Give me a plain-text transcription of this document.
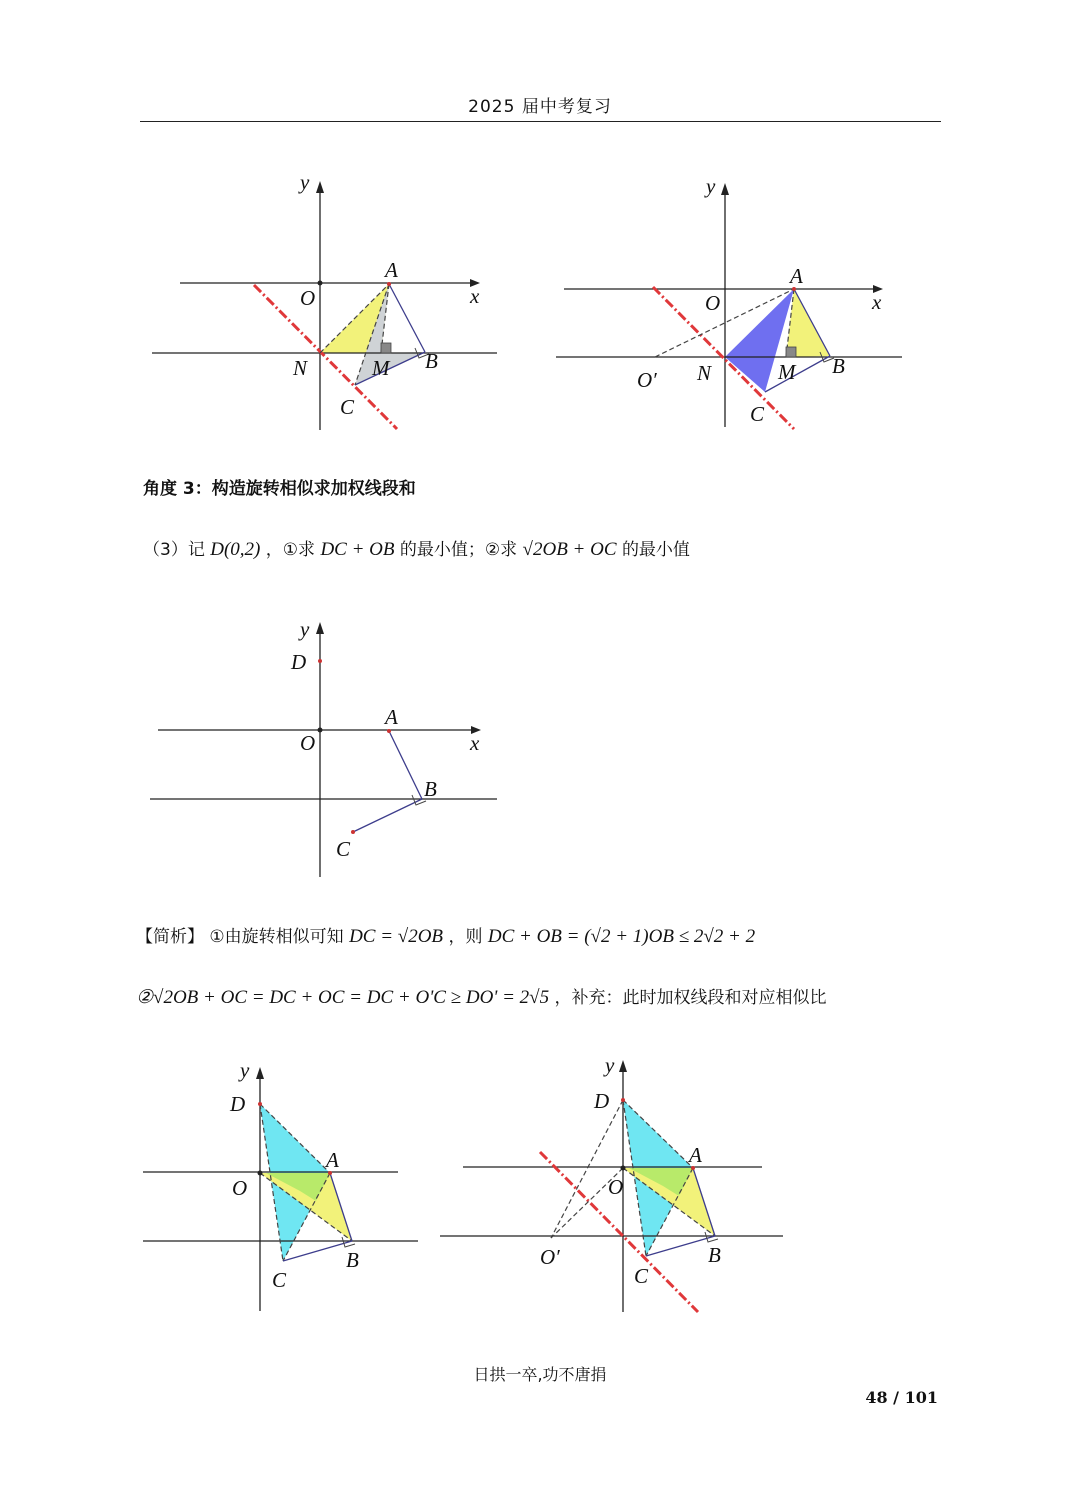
2025 届中考复习
y
x
O
A
N	M B
C
y
x
O
A
O′ N	M B
C
角度 3：构造旋转相似求加权线段和
（3）记 D(0,2) ，①求 DC + OB 的最小值；②求 √2OB + OC 的最小值
y
D
A
x
O
B
C
【简析】 ①由旋转相似可知 DC = √2OB ，则 DC + OB = (√2 + 1)OB ≤ 2√2 + 2
②√2OB + OC = DC + OC = DC + O'C ≥ DO' = 2√5 ，补充：此时加权线段和对应相似比
y
D
A
O
B
C
y
D
A
O
O′	B
C
日拱一卒,功不唐捐
48 / 101
